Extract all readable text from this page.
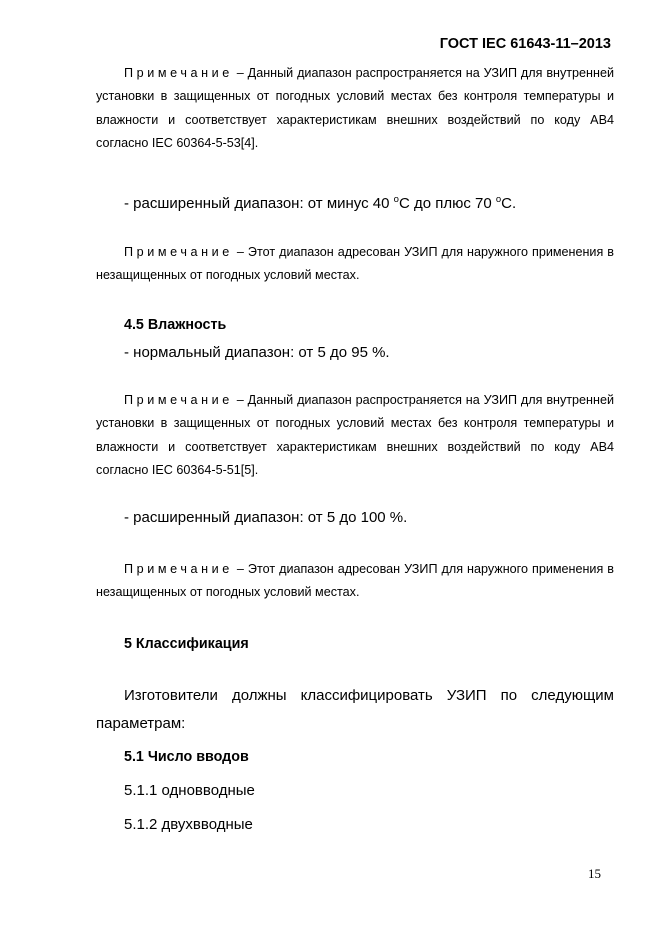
ГОСТ IEC 61643-11–2013

Примечание – Данный диапазон распространяется на УЗИП для внутренней установки в защищенных от погодных условий местах без контроля температуры и влажности и соответствует характеристикам внешних воздействий по коду AB4 согласно IEC 60364-5-53[4].

- расширенный диапазон: от минус 40 $^o$C до плюс 70 $^o$C.

Примечание – Этот диапазон адресован УЗИП для наружного применения в незащищенных от погодных условий местах.

4.5 Влажность
- нормальный диапазон: от 5 до 95 %.

Примечание – Данный диапазон распространяется на УЗИП для внутренней установки в защищенных от погодных условий местах без контроля температуры и влажности и соответствует характеристикам внешних воздействий по коду AB4 согласно IEC 60364-5-51[5].

- расширенный диапазон: от 5 до 100 %.

Примечание – Этот диапазон адресован УЗИП для наружного применения в незащищенных от погодных условий местах.

5 Классификация

Изготовители должны классифицировать УЗИП по следующим параметрам:

5.1 Число вводов
5.1.1 одновводные
5.1.2 двухвводные
15
